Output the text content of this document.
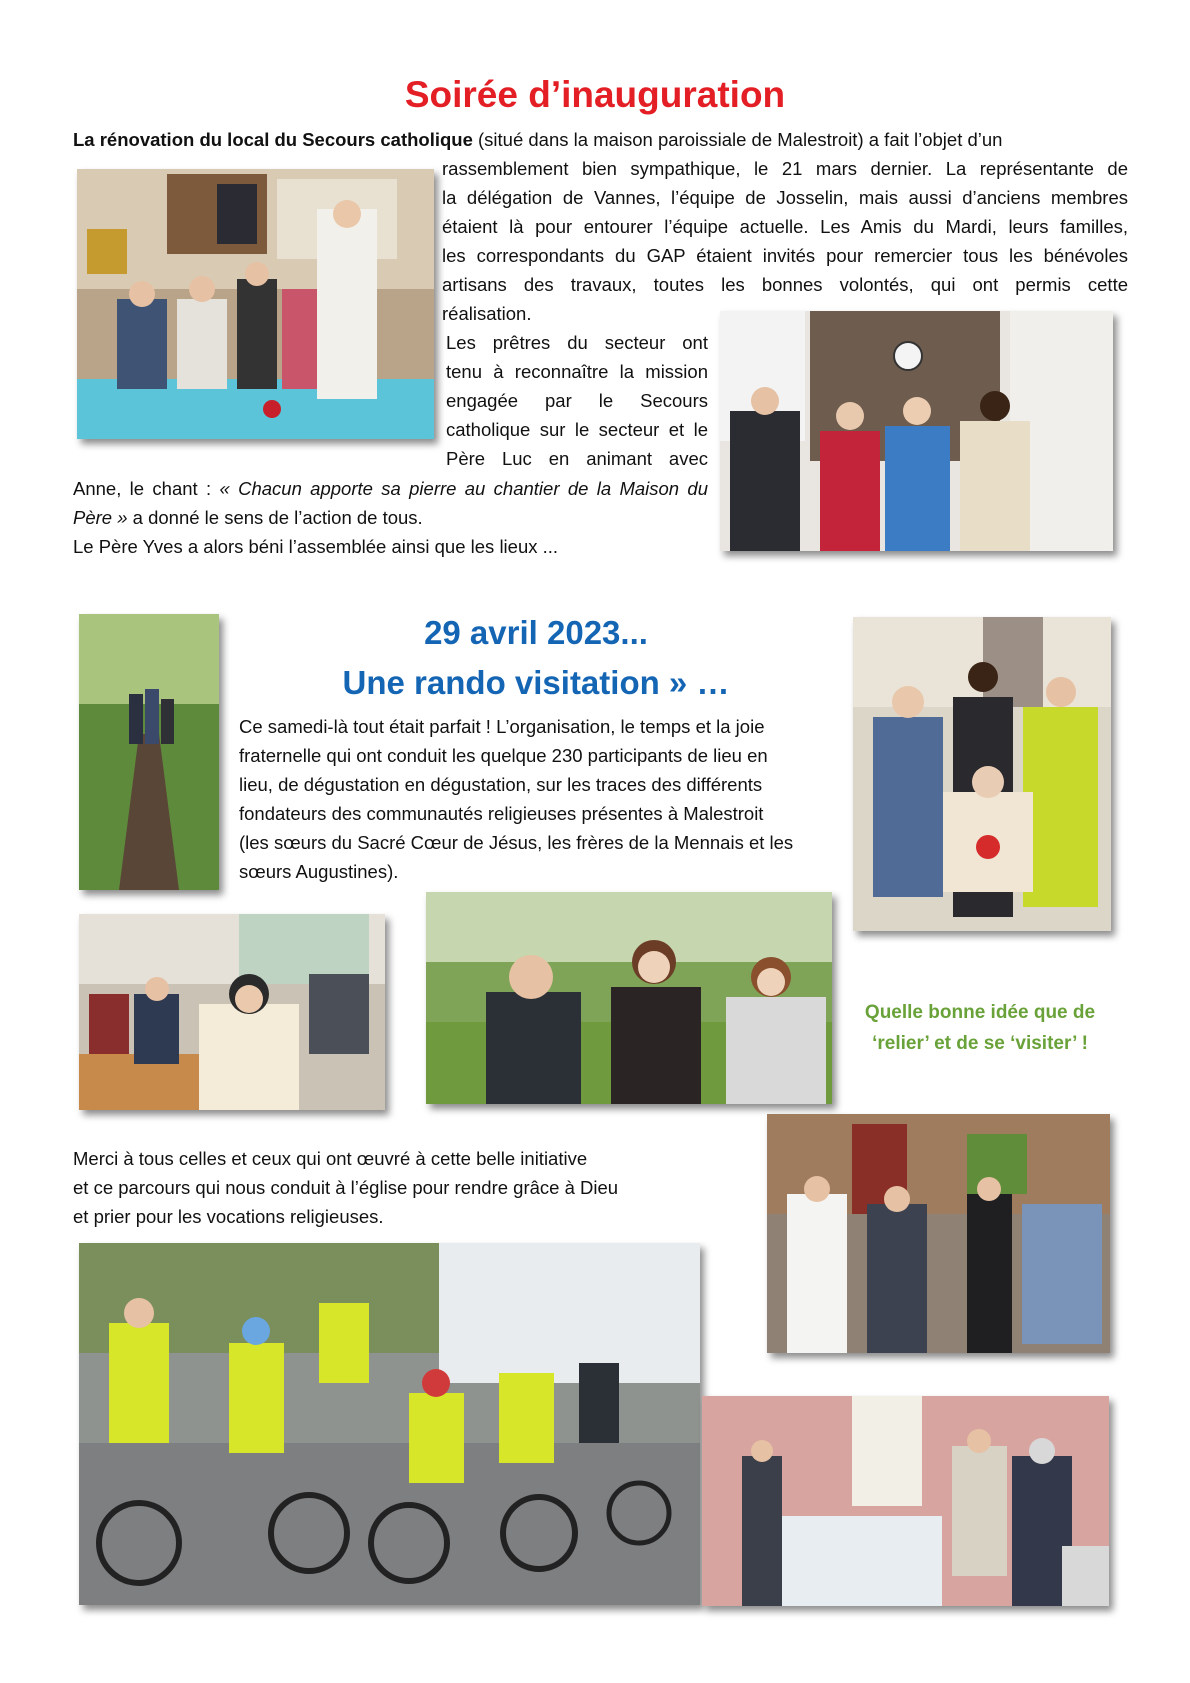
Soirée d’inauguration

La rénovation du local du Secours catholique (situé dans la maison paroissiale de Malestroit) a fait l’objet d’un

rassemblement bien sympathique, le 21 mars dernier. La représentante de

la délégation de Vannes, l’équipe de Josselin, mais aussi d’anciens membres

étaient là pour entourer l’équipe actuelle. Les Amis du Mardi, leurs familles,

les correspondants du GAP étaient invités pour remercier tous les bénévoles

artisans des travaux, toutes les bonnes volontés, qui ont permis cette

réalisation.

Les prêtres du secteur ont

tenu à reconnaître la mission

engagée par le Secours

catholique sur le secteur et le

Père Luc en animant avec

Anne, le chant : « Chacun apporte sa pierre au chantier de la Maison du

Père » a donné le sens de l’action de tous.

Le Père Yves a alors béni l’assemblée ainsi que les lieux ...

29 avril 2023...
Une rando visitation » …

Ce samedi-là tout était parfait ! L’organisation, le temps et la joie

fraternelle qui ont conduit les quelque 230 participants de lieu en

lieu, de dégustation en dégustation, sur les traces des différents

fondateurs des communautés religieuses présentes à Malestroit

(les sœurs du Sacré Cœur de Jésus, les frères de la Mennais et les

sœurs Augustines).

Quelle bonne idée que de
‘relier’ et de se ‘visiter’ !

Merci à tous celles et ceux qui ont œuvré à cette belle initiative

et ce parcours qui nous conduit à l’église pour rendre grâce à Dieu

et prier pour les vocations religieuses.
